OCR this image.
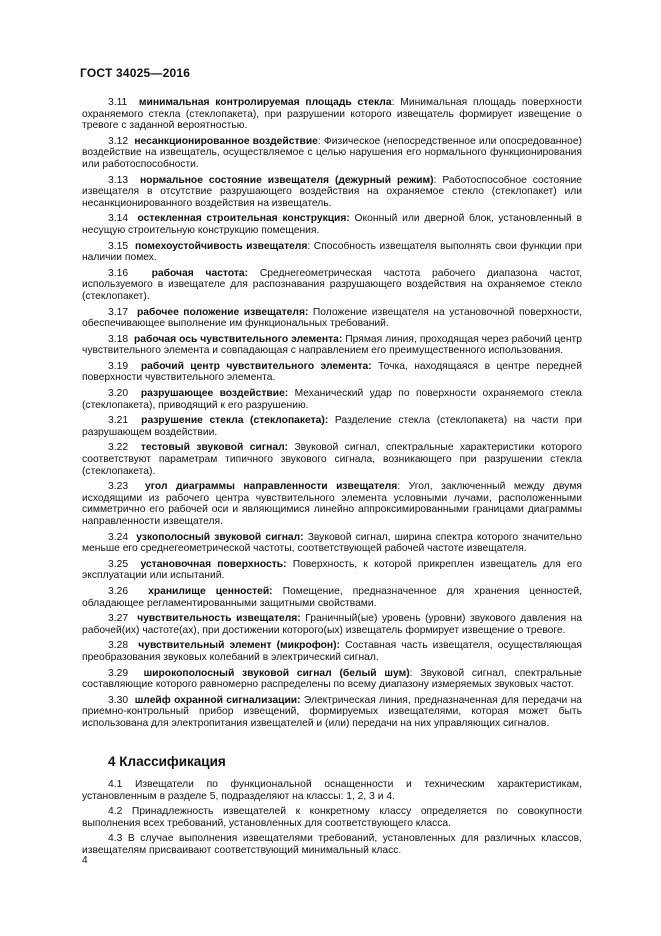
ГОСТ 34025—2016

3.11 минимальная контролируемая площадь стекла: Минимальная площадь поверхности охраняемого стекла (стеклопакета), при разрушении которого извещатель формирует извещение о тревоге с заданной вероятностью.

3.12 несанкционированное воздействие: Физическое (непосредственное или опосредованное) воздействие на извещатель, осуществляемое с целью нарушения его нормального функционирования или работоспособности.

3.13 нормальное состояние извещателя (дежурный режим): Работоспособное состояние извещателя в отсутствие разрушающего воздействия на охраняемое стекло (стеклопакет) или несанкционированного воздействия на извещатель.

3.14 остекленная строительная конструкция: Оконный или дверной блок, установленный в несущую строительную конструкцию помещения.

3.15 помехоустойчивость извещателя: Способность извещателя выполнять свои функции при наличии помех.

3.16 рабочая частота: Среднегеометрическая частота рабочего диапазона частот, используемого в извещателе для распознавания разрушающего воздействия на охраняемое стекло (стеклопакет).

3.17 рабочее положение извещателя: Положение извещателя на установочной поверхности, обеспечивающее выполнение им функциональных требований.

3.18 рабочая ось чувствительного элемента: Прямая линия, проходящая через рабочий центр чувствительного элемента и совпадающая с направлением его преимущественного использования.

3.19 рабочий центр чувствительного элемента: Точка, находящаяся в центре передней поверхности чувствительного элемента.

3.20 разрушающее воздействие: Механический удар по поверхности охраняемого стекла (стеклопакета), приводящий к его разрушению.

3.21 разрушение стекла (стеклопакета): Разделение стекла (стеклопакета) на части при разрушающем воздействии.

3.22 тестовый звуковой сигнал: Звуковой сигнал, спектральные характеристики которого соответствуют параметрам типичного звукового сигнала, возникающего при разрушении стекла (стеклопакета).

3.23 угол диаграммы направленности извещателя: Угол, заключенный между двумя исходящими из рабочего центра чувствительного элемента условными лучами, расположенными симметрично его рабочей оси и являющимися линейно аппроксимированными границами диаграммы направленности извещателя.

3.24 узкополосный звуковой сигнал: Звуковой сигнал, ширина спектра которого значительно меньше его среднегеометрической частоты, соответствующей рабочей частоте извещателя.

3.25 установочная поверхность: Поверхность, к которой прикреплен извещатель для его эксплуатации или испытаний.

3.26 хранилище ценностей: Помещение, предназначенное для хранения ценностей, обладающее регламентированными защитными свойствами.

3.27 чувствительность извещателя: Граничный(ые) уровень (уровни) звукового давления на рабочей(их) частоте(ах), при достижении которого(ых) извещатель формирует извещение о тревоге.

3.28 чувствительный элемент (микрофон): Составная часть извещателя, осуществляющая преобразования звуковых колебаний в электрический сигнал.

3.29 широкополосный звуковой сигнал (белый шум): Звуковой сигнал, спектральные составляющие которого равномерно распределены по всему диапазону измеряемых звуковых частот.

3.30 шлейф охранной сигнализации: Электрическая линия, предназначенная для передачи на приемно-контрольный прибор извещений, формируемых извещателями, которая может быть использована для электропитания извещателей и (или) передачи на них управляющих сигналов.

4 Классификация

4.1 Извещатели по функциональной оснащенности и техническим характеристикам, установленным в разделе 5, подразделяют на классы: 1, 2, 3 и 4.

4.2 Принадлежность извещателей к конкретному классу определяется по совокупности выполнения всех требований, установленных для соответствующего класса.

4.3 В случае выполнения извещателями требований, установленных для различных классов, извещателям присваивают соответствующий минимальный класс.

4
